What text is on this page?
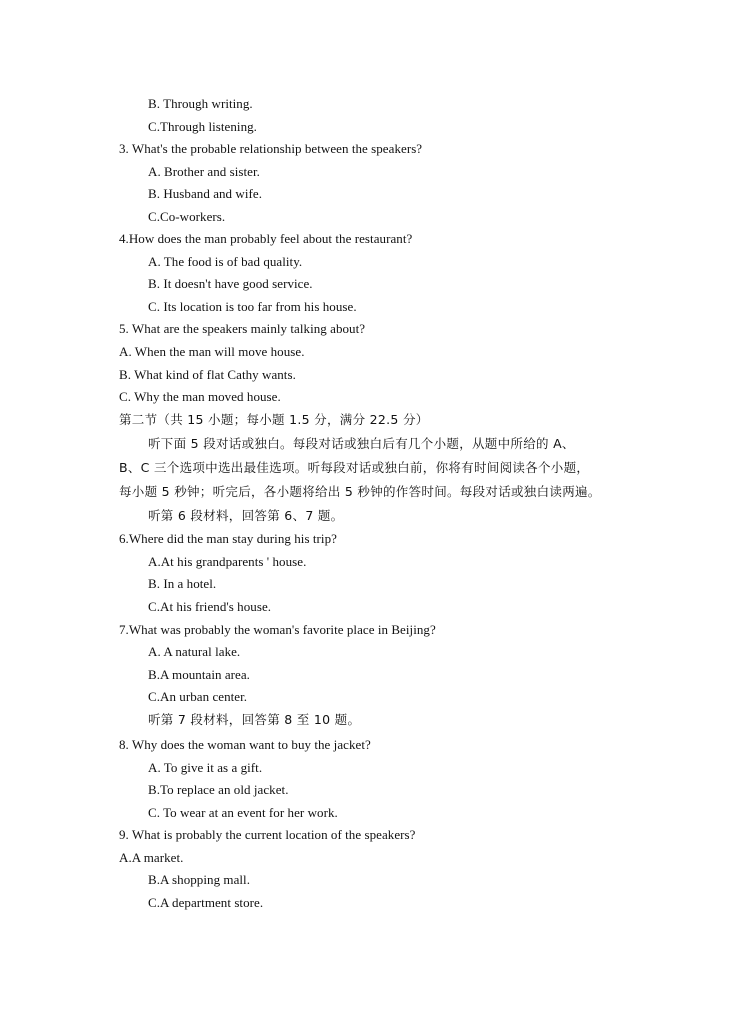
B. Through writing.
C.Through listening.
3. What's the probable relationship between the speakers?
A. Brother and sister.
B. Husband and wife.
C.Co-workers.
4.How does the man probably feel about the restaurant?
A. The food is of bad quality.
B. It doesn't have good service.
C. Its location is too far from his house.
5. What are the speakers mainly talking about?
A. When the man will move house.
B. What kind of flat Cathy wants.
C. Why the man moved house.
第二节（共 15 小题；每小题 1.5 分，满分 22.5 分）
听下面 5 段对话或独白。每段对话或独白后有几个小题，从题中所给的 A、
B、C 三个选项中选出最佳选项。听每段对话或独白前，你将有时间阅读各个小题，
每小题 5 秒钟；听完后，各小题将给出 5 秒钟的作答时间。每段对话或独白读两遍。
听第 6 段材料，回答第 6、7 题。
6.Where did the man stay during his trip?
A.At his grandparents ' house.
B. In a hotel.
C.At his friend's house.
7.What was probably the woman's favorite place in Beijing?
A. A natural lake.
B.A mountain area.
C.An urban center.
听第 7 段材料，回答第 8 至 10 题。
8. Why does the woman want to buy the jacket?
A. To give it as a gift.
B.To replace an old jacket.
C. To wear at an event for her work.
9. What is probably the current location of the speakers?
A.A market.
B.A shopping mall.
C.A department store.
